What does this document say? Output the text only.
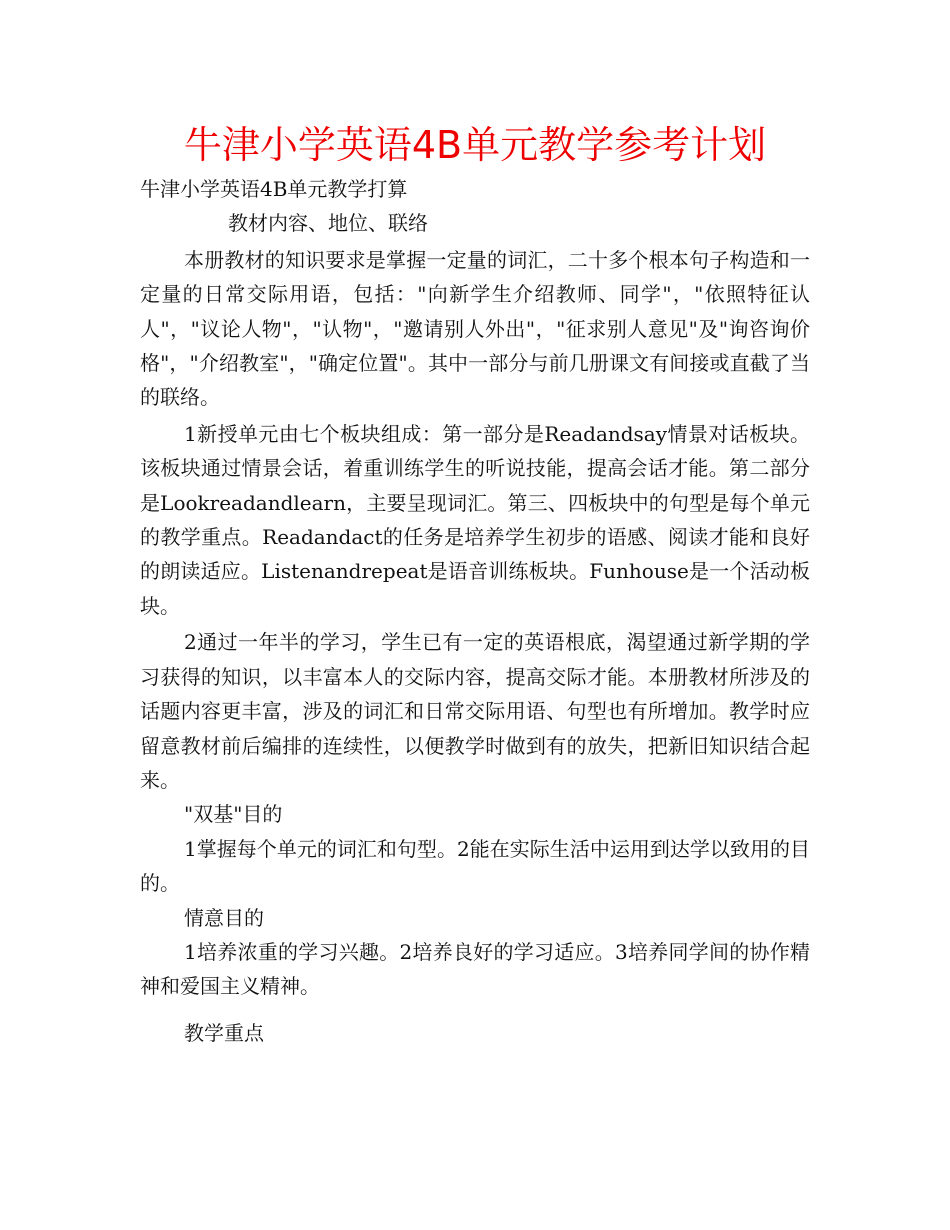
牛津小学英语4B单元教学参考计划

牛津小学英语4B单元教学打算

教材内容、地位、联络

本册教材的知识要求是掌握一定量的词汇，二十多个根本句子构造和一定量的日常交际用语，包括："向新学生介绍教师、同学"，"依照特征认人"，"议论人物"，"认物"，"邀请别人外出"，"征求别人意见"及"询咨询价格"，"介绍教室"，"确定位置"。其中一部分与前几册课文有间接或直截了当的联络。

1新授单元由七个板块组成：第一部分是Readandsay情景对话板块。该板块通过情景会话，着重训练学生的听说技能，提高会话才能。第二部分是Lookreadandlearn，主要呈现词汇。第三、四板块中的句型是每个单元的教学重点。Readandact的任务是培养学生初步的语感、阅读才能和良好的朗读适应。Listenandrepeat是语音训练板块。Funhouse是一个活动板块。

2通过一年半的学习，学生已有一定的英语根底，渴望通过新学期的学习获得的知识，以丰富本人的交际内容，提高交际才能。本册教材所涉及的话题内容更丰富，涉及的词汇和日常交际用语、句型也有所增加。教学时应留意教材前后编排的连续性，以便教学时做到有的放失，把新旧知识结合起来。

"双基"目的

1掌握每个单元的词汇和句型。2能在实际生活中运用到达学以致用的目的。

情意目的

1培养浓重的学习兴趣。2培养良好的学习适应。3培养同学间的协作精神和爱国主义精神。

教学重点
